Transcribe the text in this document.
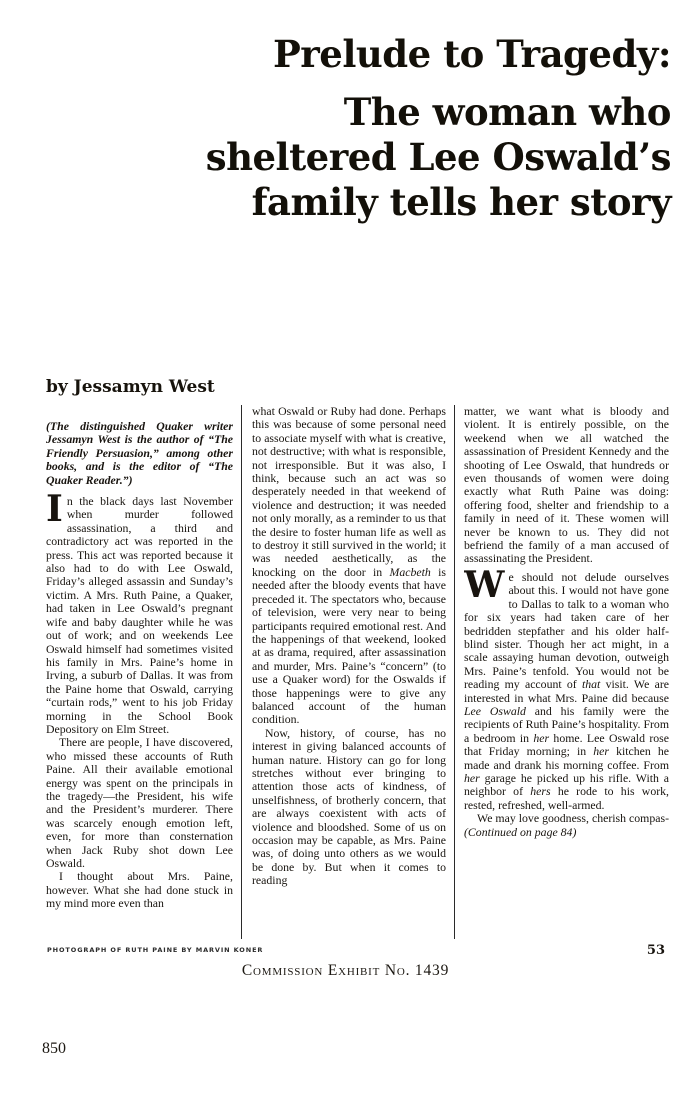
Prelude to Tragedy:
The woman who
sheltered Lee Oswald’s
family tells her story
by Jessamyn West

(The distinguished Quaker writer Jessamyn West is the author of “The Friendly Persuasion,” among other books, and is the editor of “The Quaker Reader.”)

In the black days last November when murder followed assassination, a third and contradictory act was reported in the press. This act was reported because it also had to do with Lee Oswald, Friday’s alleged assassin and Sunday’s victim. A Mrs. Ruth Paine, a Quaker, had taken in Lee Oswald’s pregnant wife and baby daughter while he was out of work; and on weekends Lee Oswald himself had sometimes visited his family in Mrs. Paine’s home in Irving, a suburb of Dallas. It was from the Paine home that Oswald, carrying “curtain rods,” went to his job Friday morning in the School Book Depository on Elm Street.

There are people, I have discovered, who missed these accounts of Ruth Paine. All their available emotional energy was spent on the principals in the tragedy—the President, his wife and the President’s murderer. There was scarcely enough emotion left, even, for more than consternation when Jack Ruby shot down Lee Oswald.

I thought about Mrs. Paine, however. What she had done stuck in my mind more even than

what Oswald or Ruby had done. Perhaps this was because of some personal need to associate myself with what is creative, not destructive; with what is responsible, not irresponsible. But it was also, I think, because such an act was so desperately needed in that weekend of violence and destruction; it was needed not only morally, as a reminder to us that the desire to foster human life as well as to destroy it still survived in the world; it was needed aesthetically, as the knocking on the door in Macbeth is needed after the bloody events that have preceded it. The spectators who, because of television, were very near to being participants required emotional rest. And the happenings of that weekend, looked at as drama, required, after assassination and murder, Mrs. Paine’s “concern” (to use a Quaker word) for the Oswalds if those happenings were to give any balanced account of the human condition.

Now, history, of course, has no interest in giving balanced accounts of human nature. History can go for long stretches without ever bringing to attention those acts of kindness, of unselfishness, of brotherly concern, that are always coexistent with acts of violence and bloodshed. Some of us on occasion may be capable, as Mrs. Paine was, of doing unto others as we would be done by. But when it comes to reading

matter, we want what is bloody and violent. It is entirely possible, on the weekend when we all watched the assassination of President Kennedy and the shooting of Lee Oswald, that hundreds or even thousands of women were doing exactly what Ruth Paine was doing: offering food, shelter and friendship to a family in need of it. These women will never be known to us. They did not befriend the family of a man accused of assassinating the President.

We should not delude ourselves about this. I would not have gone to Dallas to talk to a woman who for six years had taken care of her bedridden stepfather and his older half-blind sister. Though her act might, in a scale assaying human devotion, outweigh Mrs. Paine’s tenfold. You would not be reading my account of that visit. We are interested in what Mrs. Paine did because Lee Oswald and his family were the recipients of Ruth Paine’s hospitality. From a bedroom in her home. Lee Oswald rose that Friday morning; in her kitchen he made and drank his morning coffee. From her garage he picked up his rifle. With a neighbor of hers he rode to his work, rested, refreshed, well-armed.

We may love goodness, cherish compas- (Continued on page 84)

PHOTOGRAPH OF RUTH PAINE BY MARVIN KONER	53
Commission Exhibit No. 1439
850
